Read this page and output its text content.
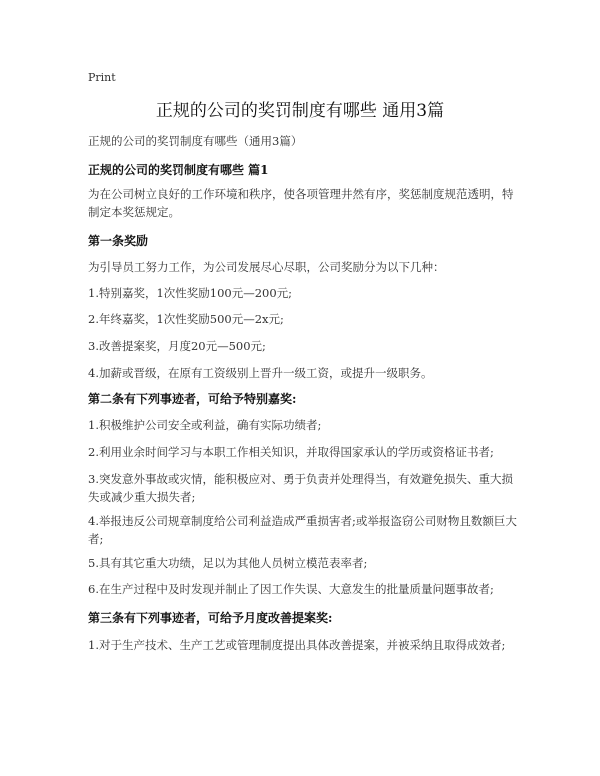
Print
正规的公司的奖罚制度有哪些 通用3篇
正规的公司的奖罚制度有哪些（通用3篇）
正规的公司的奖罚制度有哪些 篇1
为在公司树立良好的工作环境和秩序，使各项管理井然有序，奖惩制度规范透明，特制定本奖惩规定。
第一条奖励
为引导员工努力工作，为公司发展尽心尽职，公司奖励分为以下几种：
1.特别嘉奖，1次性奖励100元—200元;
2.年终嘉奖，1次性奖励500元—2x元;
3.改善提案奖，月度20元—500元;
4.加薪或晋级，在原有工资级别上晋升一级工资，或提升一级职务。
第二条有下列事迹者，可给予特别嘉奖:
1.积极维护公司安全或利益，确有实际功绩者;
2.利用业余时间学习与本职工作相关知识，并取得国家承认的学历或资格证书者;
3.突发意外事故或灾情，能积极应对、勇于负责并处理得当，有效避免损失、重大损失或减少重大损失者;
4.举报违反公司规章制度给公司利益造成严重损害者;或举报盗窃公司财物且数额巨大者;
5.具有其它重大功绩，足以为其他人员树立模范表率者;
6.在生产过程中及时发现并制止了因工作失误、大意发生的批量质量问题事故者;
第三条有下列事迹者，可给予月度改善提案奖:
1.对于生产技术、生产工艺或管理制度提出具体改善提案，并被采纳且取得成效者;
